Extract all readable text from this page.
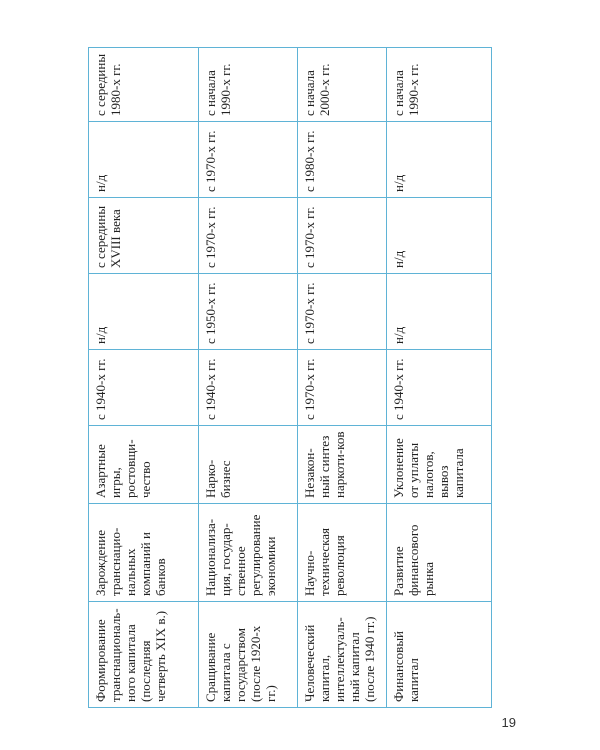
Формирование транснациональ-ного капитала (последняя четверть XIX в.)	Зарождение транснацио-нальных компаний и банков	Азартные игры, ростовщи-чество	с 1940-х гг.	н/д	с середины XVIII века	н/д	с середины 1980-х гг.
Сращивание капитала с государством (после 1920-х гг.)	Национализа-ция, государ-ственное регулирование экономики	Нарко-бизнес	с 1940-х гг.	с 1950-х гг.	с 1970-х гг.	с 1970-х гг.	с начала 1990-х гг.
Человеческий капитал, интеллектуаль-ный капитал (после 1940 гг.)	Научно-техническая революция	Незакон-ный синтез наркоти-ков	с 1970-х гг.	с 1970-х гг.	с 1970-х гг.	с 1980-х гг.	с начала 2000-х гг.
Финансовый капитал	Развитие финансового рынка	Уклонение от уплаты налогов, вывоз капитала	с 1940-х гг.	н/д	н/д	н/д	с начала 1990-х гг.
19
